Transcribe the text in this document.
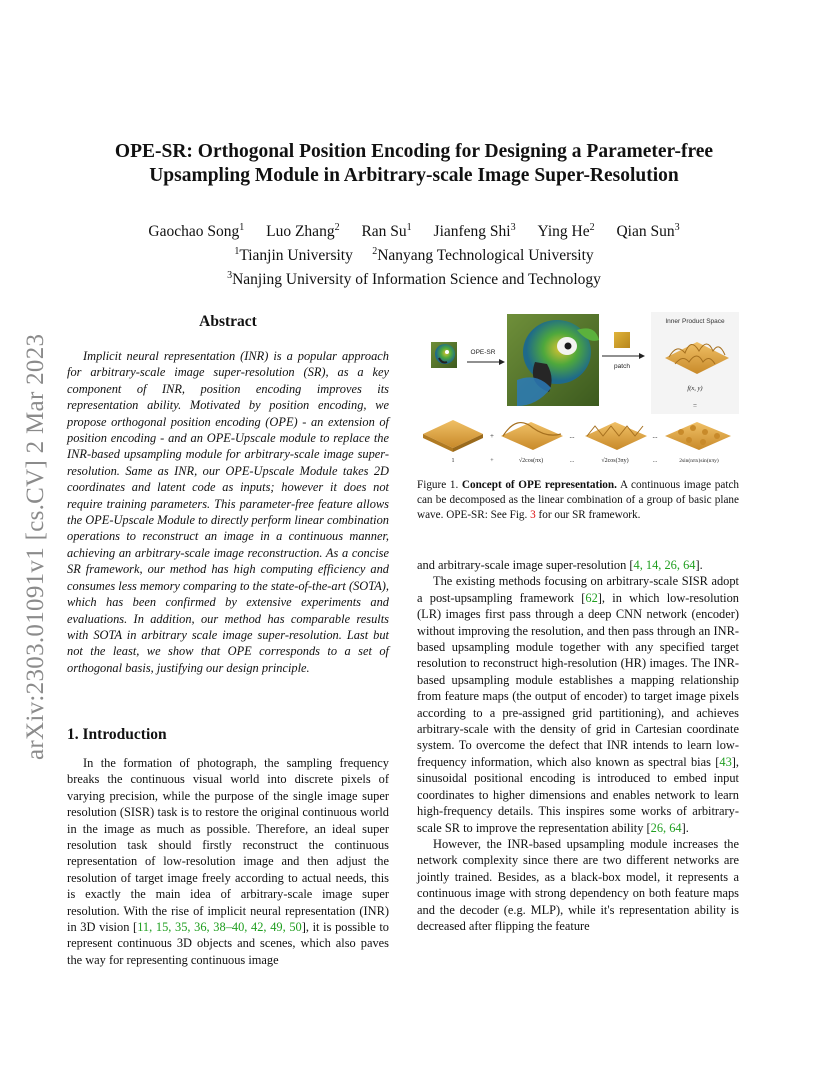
arXiv:2303.01091v1 [cs.CV] 2 Mar 2023
OPE-SR: Orthogonal Position Encoding for Designing a Parameter-free
Upsampling Module in Arbitrary-scale Image Super-Resolution
Gaochao Song$^1$ Luo Zhang$^2$ Ran Su$^1$ Jianfeng Shi$^3$ Ying He$^2$ Qian Sun$^3$
$^1$Tianjin University $^2$Nanyang Technological University
$^3$Nanjing University of Information Science and Technology
Abstract

Implicit neural representation (INR) is a popular approach for arbitrary-scale image super-resolution (SR), as a key component of INR, position encoding improves its representation ability. Motivated by position encoding, we propose orthogonal position encoding (OPE) - an extension of position encoding - and an OPE-Upscale module to replace the INR-based upsampling module for arbitrary-scale image super-resolution. Same as INR, our OPE-Upscale Module takes 2D coordinates and latent code as inputs; however it does not require training parameters. This parameter-free feature allows the OPE-Upscale Module to directly perform linear combination operations to reconstruct an image in a continuous manner, achieving an arbitrary-scale image reconstruction. As a concise SR framework, our method has high computing efficiency and consumes less memory comparing to the state-of-the-art (SOTA), which has been confirmed by extensive experiments and evaluations. In addition, our method has comparable results with SOTA in arbitrary scale image super-resolution. Last but not the least, we show that OPE corresponds to a set of orthogonal basis, justifying our design principle.

1. Introduction

In the formation of photograph, the sampling frequency breaks the continuous visual world into discrete pixels of varying precision, while the purpose of the single image super resolution (SISR) task is to restore the original continuous world in the image as much as possible. Therefore, an ideal super resolution task should firstly reconstruct the continuous representation of low-resolution image and then adjust the resolution of target image freely according to actual needs, this is exactly the main idea of arbitrary-scale image super resolution. With the rise of implicit neural representation (INR) in 3D vision [11, 15, 35, 36, 38–40, 42, 49, 50], it is possible to represent continuous 3D objects and scenes, which also paves the way for representing continuous image

Inner Product Space
OPE-SR
patch
f(x, y)
=
+	...	...
1	+	√2cos(πx)	...	√2cos(3πy)	...	2sin(nπx)sin(nπy)

Figure 1. Concept of OPE representation. A continuous image patch can be decomposed as the linear combination of a group of basic plane wave. OPE-SR: See Fig. 3 for our SR framework.

and arbitrary-scale image super-resolution [4, 14, 26, 64].

The existing methods focusing on arbitrary-scale SISR adopt a post-upsampling framework [62], in which low-resolution (LR) images first pass through a deep CNN network (encoder) without improving the resolution, and then pass through an INR-based upsampling module together with any specified target resolution to reconstruct high-resolution (HR) images. The INR-based upsampling module establishes a mapping relationship from feature maps (the output of encoder) to target image pixels according to a pre-assigned grid partitioning), and achieves arbitrary-scale with the density of grid in Cartesian coordinate system. To overcome the defect that INR intends to learn low-frequency information, which also known as spectral bias [43], sinusoidal positional encoding is introduced to embed input coordinates to higher dimensions and enables network to learn high-frequency details. This inspires some works of arbitrary-scale SR to improve the representation ability [26, 64].

However, the INR-based upsampling module increases the network complexity since there are two different networks are jointly trained. Besides, as a black-box model, it represents a continuous image with strong dependency on both feature maps and the decoder (e.g. MLP), while it's representation ability is decreased after flipping the feature
